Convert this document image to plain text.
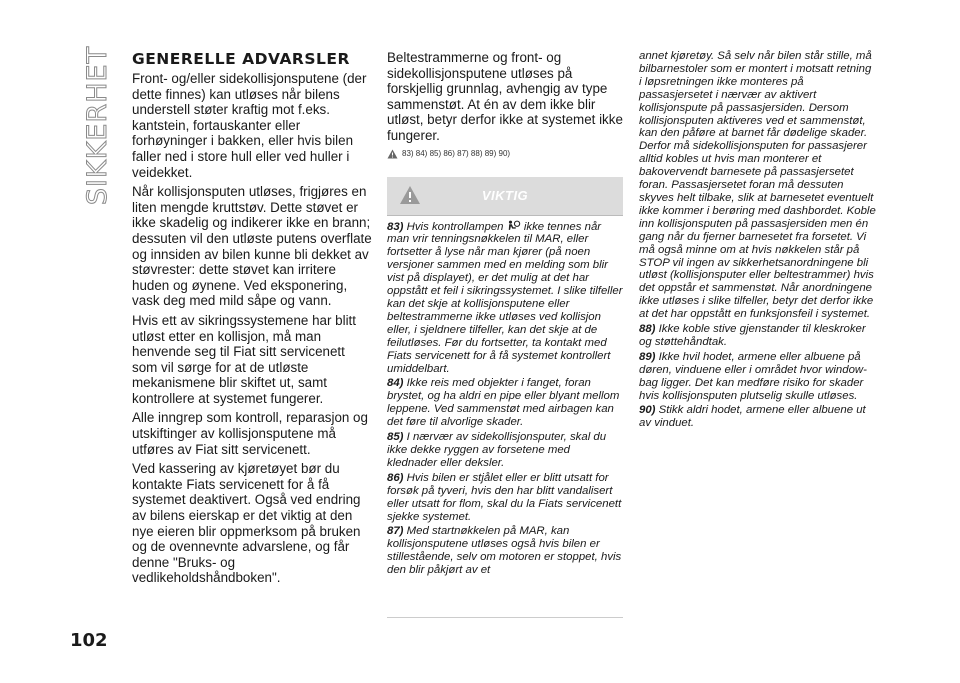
SIKKERHET
102
GENERELLE ADVARSLER

Front- og/eller sidekollisjonsputene (der dette finnes) kan utløses når bilens understell støter kraftig mot f.eks. kantstein, fortauskanter eller forhøyninger i bakken, eller hvis bilen faller ned i store hull eller ved huller i veidekket.

Når kollisjonsputen utløses, frigjøres en liten mengde kruttstøv. Dette støvet er ikke skadelig og indikerer ikke en brann; dessuten vil den utløste putens overflate og innsiden av bilen kunne bli dekket av støvrester: dette støvet kan irritere huden og øynene. Ved eksponering, vask deg med mild såpe og vann.

Hvis ett av sikringssystemene har blitt utløst etter en kollisjon, må man henvende seg til Fiat sitt servicenett som vil sørge for at de utløste mekanismene blir skiftet ut, samt kontrollere at systemet fungerer.

Alle inngrep som kontroll, reparasjon og utskiftinger av kollisjonsputene må utføres av Fiat sitt servicenett.

Ved kassering av kjøretøyet bør du kontakte Fiats servicenett for å få systemet deaktivert. Også ved endring av bilens eierskap er det viktig at den nye eieren blir oppmerksom på bruken og de ovennevnte advarslene, og får denne "Bruks- og vedlikeholdshåndboken".

Beltestrammerne og front- og sidekollisjonsputene utløses på forskjellig grunnlag, avhengig av type sammenstøt. At én av dem ikke blir utløst, betyr derfor ikke at systemet ikke fungerer.

83) 84) 85) 86) 87) 88) 89) 90)
VIKTIG

83) Hvis kontrollampen  ikke tennes når man vrir tenningsnøkkelen til MAR, eller fortsetter å lyse når man kjører (på noen versjoner sammen med en melding som blir vist på displayet), er det mulig at det har oppstått et feil i sikringssystemet. I slike tilfeller kan det skje at kollisjonsputene eller beltestrammerne ikke utløses ved kollisjon eller, i sjeldnere tilfeller, kan det skje at de feilutløses. Før du fortsetter, ta kontakt med Fiats servicenett for å få systemet kontrollert umiddelbart.

84) Ikke reis med objekter i fanget, foran brystet, og ha aldri en pipe eller blyant mellom leppene. Ved sammenstøt med airbagen kan det føre til alvorlige skader.

85) I nærvær av sidekollisjonsputer, skal du ikke dekke ryggen av forsetene med klednader eller deksler.

86) Hvis bilen er stjålet eller er blitt utsatt for forsøk på tyveri, hvis den har blitt vandalisert eller utsatt for flom, skal du la Fiats servicenett sjekke systemet.

87) Med startnøkkelen på MAR, kan kollisjonsputene utløses også hvis bilen er stillestående, selv om motoren er stoppet, hvis den blir påkjørt av et

annet kjøretøy. Så selv når bilen står stille, må bilbarnestoler som er montert i motsatt retning i løpsretningen ikke monteres på passasjersetet i nærvær av aktivert kollisjonspute på passasjersiden. Dersom kollisjonsputen aktiveres ved et sammenstøt, kan den påføre at barnet får dødelige skader. Derfor må sidekollisjonsputen for passasjerer alltid kobles ut hvis man monterer et bakovervendt barnesete på passasjersetet foran. Passasjersetet foran må dessuten skyves helt tilbake, slik at barnesetet eventuelt ikke kommer i berøring med dashbordet. Koble inn kollisjonsputen på passasjersiden men én gang når du fjerner barnesetet fra forsetet. Vi må også minne om at hvis nøkkelen står på STOP vil ingen av sikkerhetsanordningene bli utløst (kollisjonsputer eller beltestrammer) hvis det oppstår et sammenstøt. Når anordningene ikke utløses i slike tilfeller, betyr det derfor ikke at det har oppstått en funksjonsfeil i systemet.

88) Ikke koble stive gjenstander til kleskroker og støttehåndtak.

89) Ikke hvil hodet, armene eller albuene på døren, vinduene eller i området hvor window-bag ligger. Det kan medføre risiko for skader hvis kollisjonsputen plutselig skulle utløses.

90) Stikk aldri hodet, armene eller albuene ut av vinduet.
